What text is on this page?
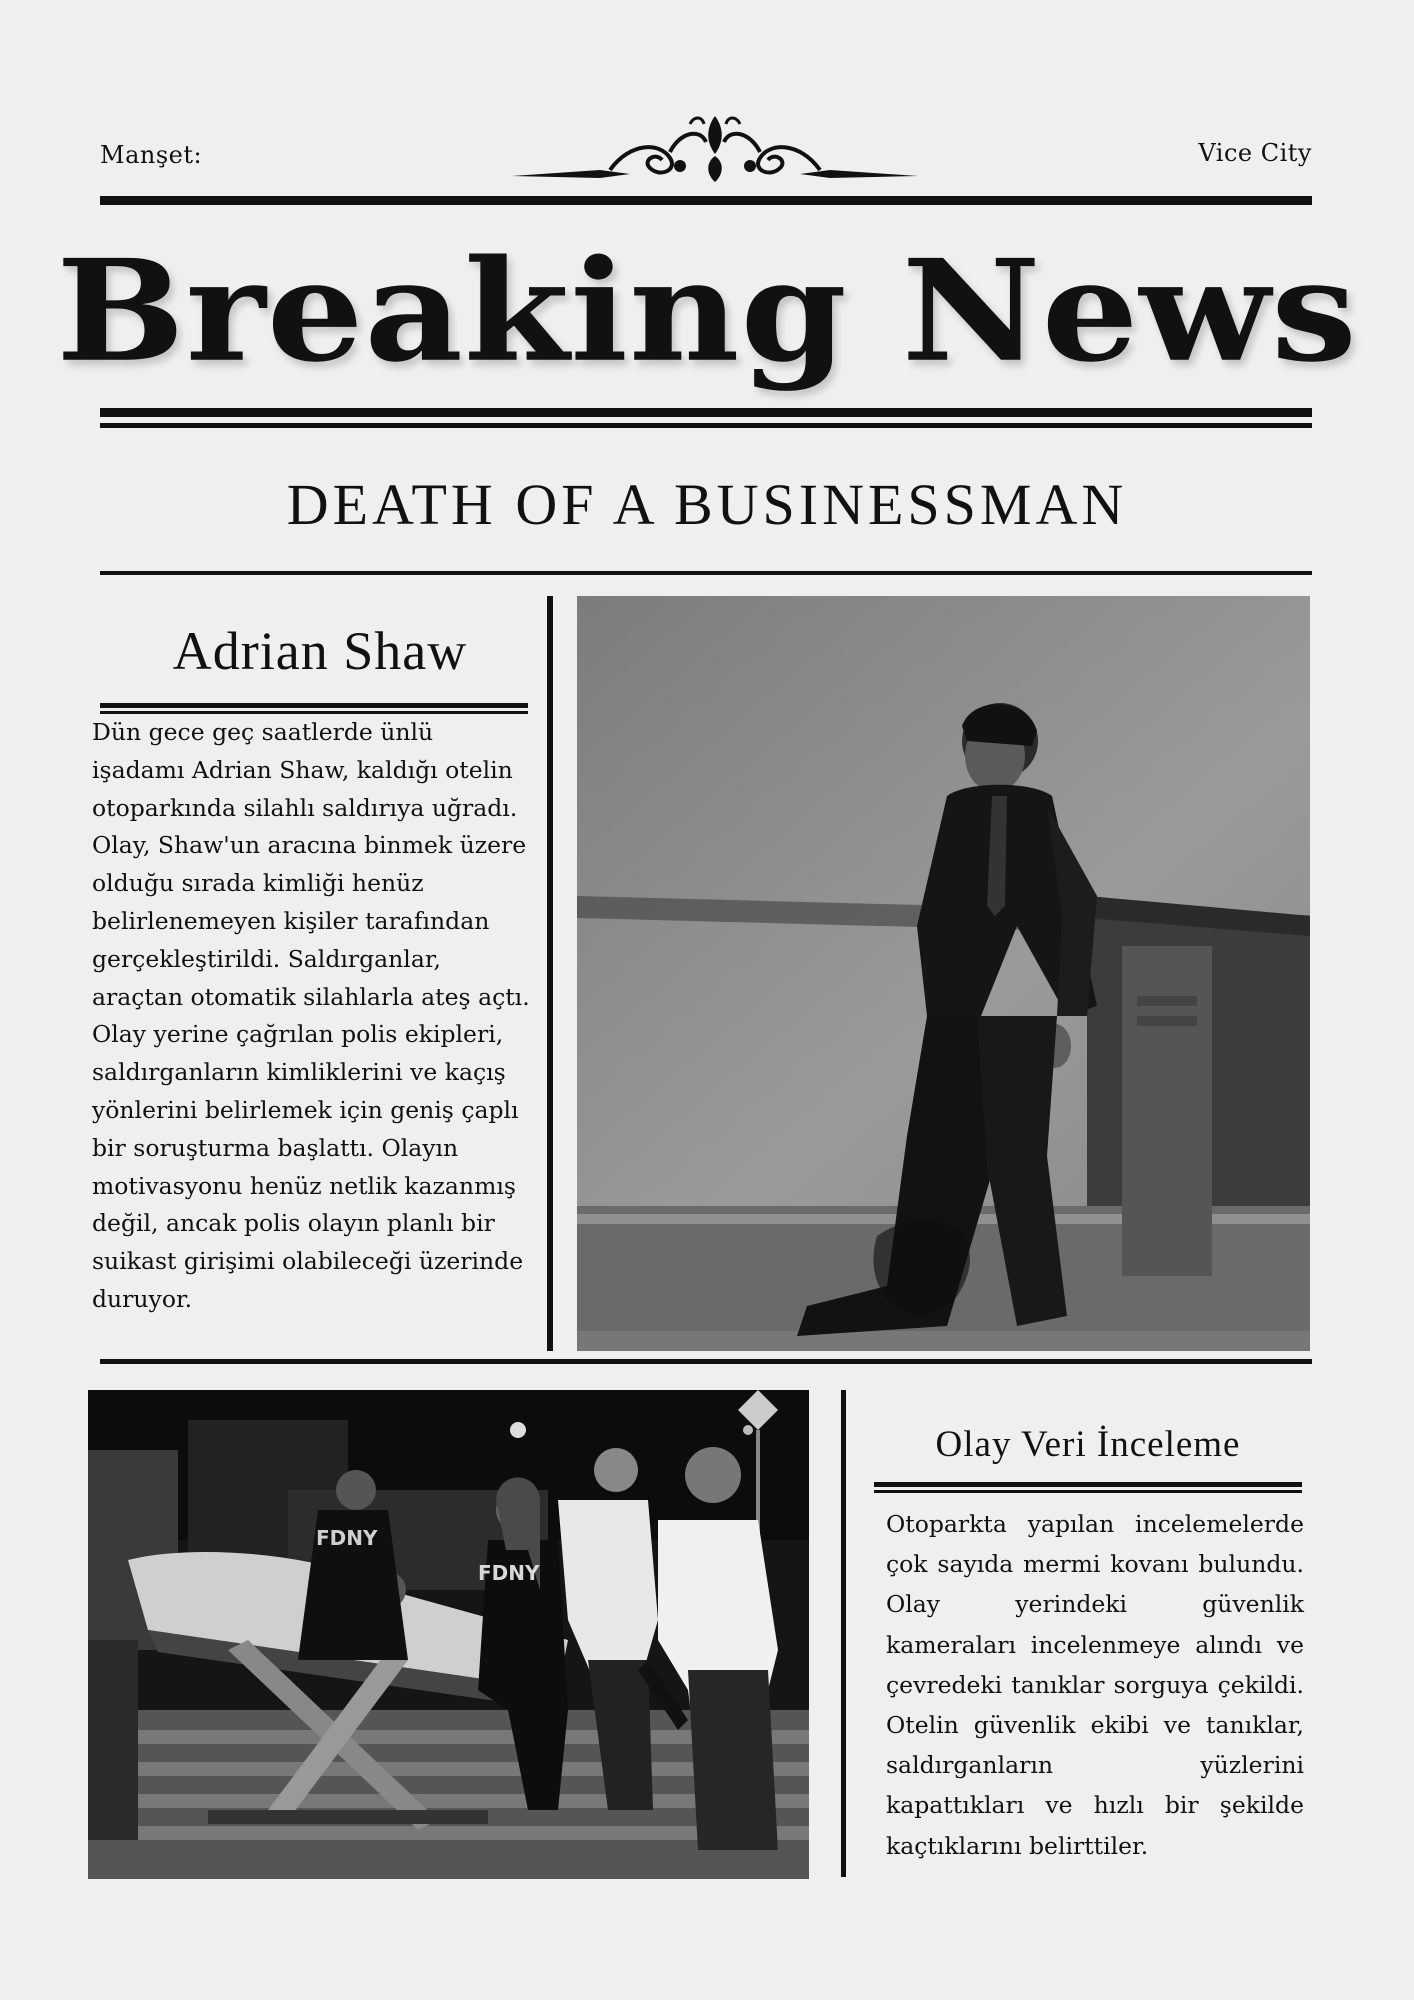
Manşet:	Vice City
Breaking News
DEATH OF A BUSINESSMAN
Adrian Shaw

Dün gece geç saatlerde ünlü işadamı Adrian Shaw, kaldığı otelin otoparkında silahlı saldırıya uğradı. Olay, Shaw'un aracına binmek üzere olduğu sırada kimliği henüz belirlenemeyen kişiler tarafından gerçekleştirildi. Saldırganlar, araçtan otomatik silahlarla ateş açtı.

Olay yerine çağrılan polis ekipleri, saldırganların kimliklerini ve kaçış yönlerini belirlemek için geniş çaplı bir soruşturma başlattı. Olayın motivasyonu henüz netlik kazanmış değil, ancak polis olayın planlı bir suikast girişimi olabileceği üzerinde duruyor.

FDNY
FDNY
Olay Veri İnceleme
Otoparkta yapılan incelemelerde çok sayıda mermi kovanı bulundu. Olay yerindeki güvenlik kameraları incelenmeye alındı ve çevredeki tanıklar sorguya çekildi. Otelin güvenlik ekibi ve tanıklar, saldırganların yüzlerini kapattıkları ve hızlı bir şekilde kaçtıklarını belirttiler.
